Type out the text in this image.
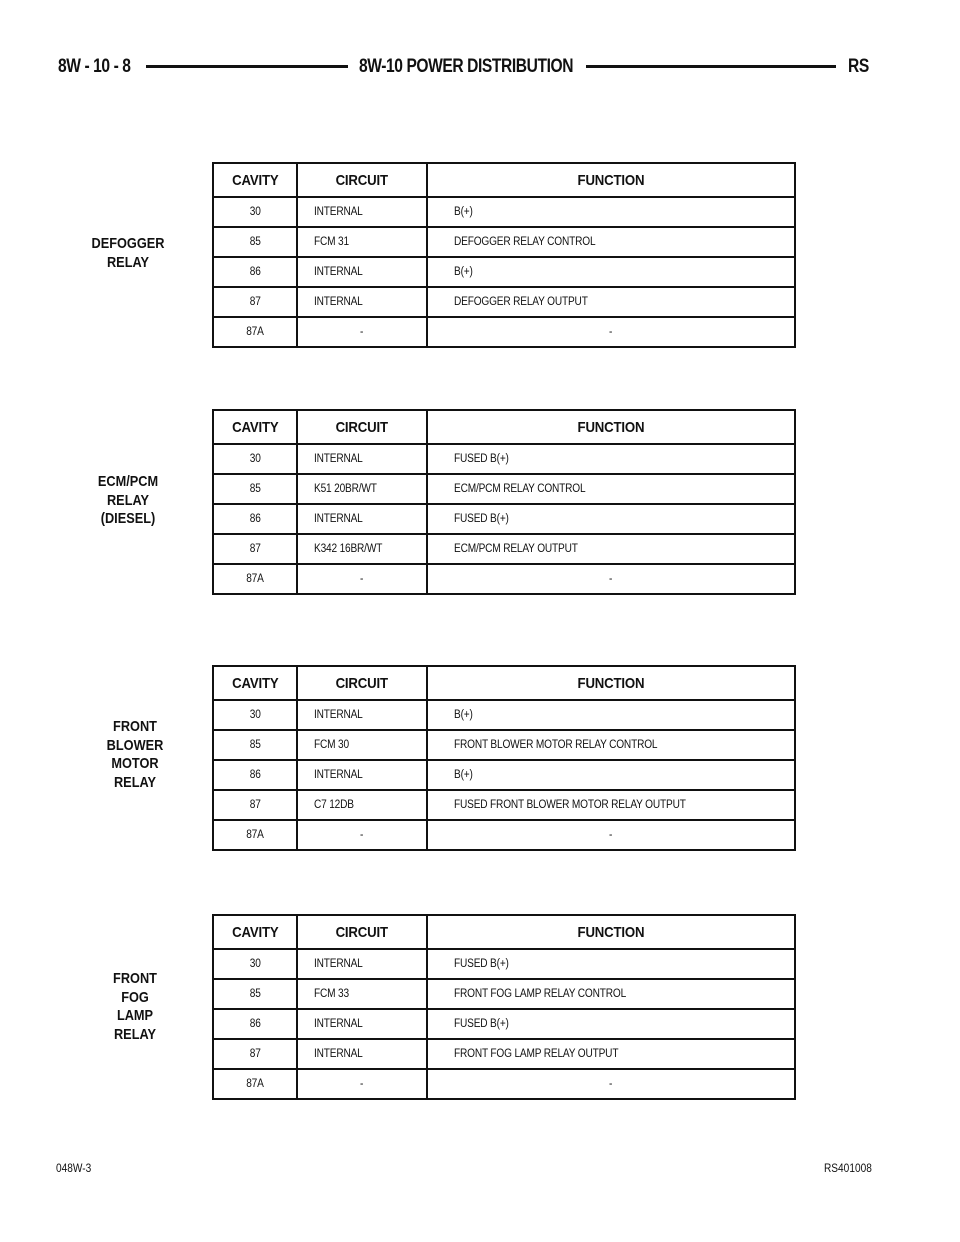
8W - 10 - 8	8W-10 POWER DISTRIBUTION	RS
DEFOGGER
RELAY
CAVITY	CIRCUIT	FUNCTION
30	INTERNAL	B(+)
85	FCM 31	DEFOGGER RELAY CONTROL
86	INTERNAL	B(+)
87	INTERNAL	DEFOGGER RELAY OUTPUT
87A	-	-
ECM/PCM
RELAY
(DIESEL)
CAVITY	CIRCUIT	FUNCTION
30	INTERNAL	FUSED B(+)
85	K51 20BR/WT	ECM/PCM RELAY CONTROL
86	INTERNAL	FUSED B(+)
87	K342 16BR/WT	ECM/PCM RELAY OUTPUT
87A	-	-
FRONT
BLOWER
MOTOR
RELAY
CAVITY	CIRCUIT	FUNCTION
30	INTERNAL	B(+)
85	FCM 30	FRONT BLOWER MOTOR RELAY CONTROL
86	INTERNAL	B(+)
87	C7 12DB	FUSED FRONT BLOWER MOTOR RELAY OUTPUT
87A	-	-
FRONT
FOG
LAMP
RELAY
CAVITY	CIRCUIT	FUNCTION
30	INTERNAL	FUSED B(+)
85	FCM 33	FRONT FOG LAMP RELAY CONTROL
86	INTERNAL	FUSED B(+)
87	INTERNAL	FRONT FOG LAMP RELAY OUTPUT
87A	-	-
048W-3	RS401008
